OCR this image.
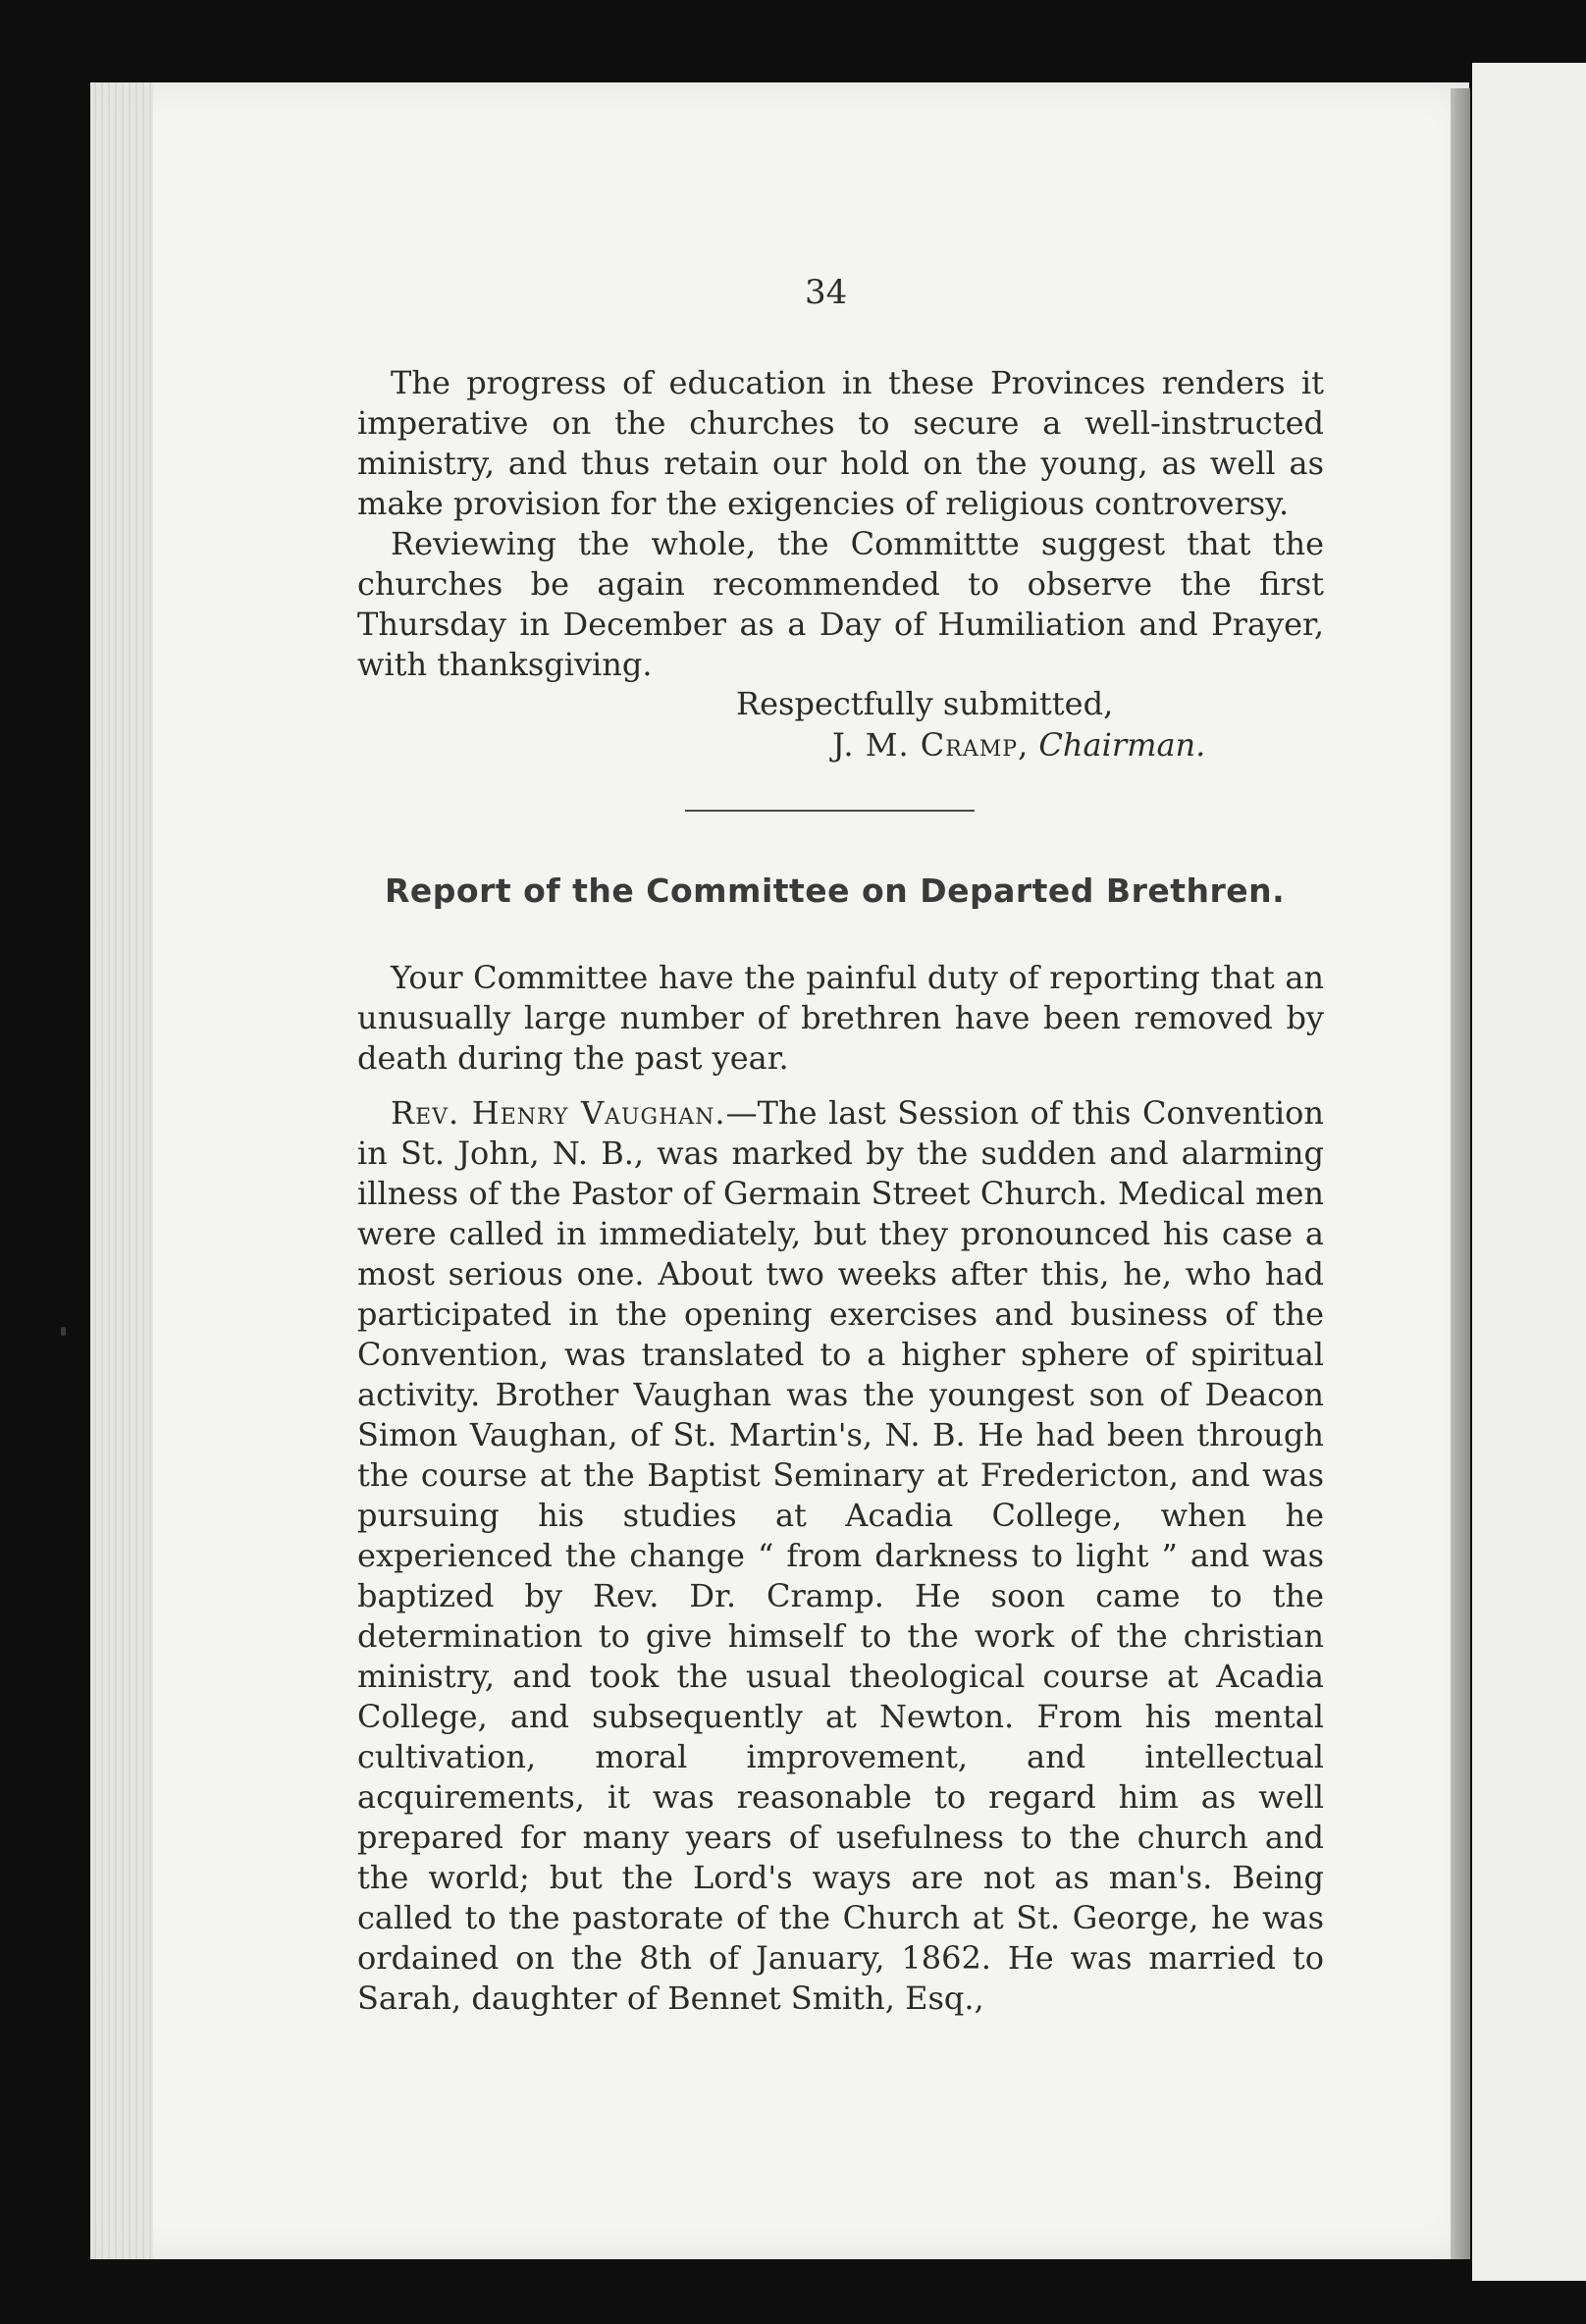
34

The progress of education in these Provinces renders it imperative on the churches to secure a well-instructed ministry, and thus retain our hold on the young, as well as make provision for the exigencies of religious controversy.

Reviewing the whole, the Committte suggest that the churches be again recommended to observe the first Thursday in December as a Day of Humiliation and Prayer, with thanksgiving.

Respectfully submitted,
J. M. Cramp, Chairman.
Report of the Committee on Departed Brethren.

Your Committee have the painful duty of reporting that an unusually large number of brethren have been removed by death during the past year.

Rev. Henry Vaughan.—The last Session of this Convention in St. John, N. B., was marked by the sudden and alarming illness of the Pastor of Germain Street Church. Medical men were called in immediately, but they pronounced his case a most serious one. About two weeks after this, he, who had participated in the opening exercises and business of the Convention, was translated to a higher sphere of spiritual activity. Brother Vaughan was the youngest son of Deacon Simon Vaughan, of St. Martin's, N. B. He had been through the course at the Baptist Seminary at Fredericton, and was pursuing his studies at Acadia College, when he experienced the change “ from darkness to light ” and was baptized by Rev. Dr. Cramp. He soon came to the determination to give himself to the work of the christian ministry, and took the usual theological course at Acadia College, and subsequently at Newton. From his mental cultivation, moral improvement, and intellectual acquirements, it was reasonable to regard him as well prepared for many years of usefulness to the church and the world; but the Lord's ways are not as man's. Being called to the pastorate of the Church at St. George, he was ordained on the 8th of January, 1862. He was married to Sarah, daughter of Bennet Smith, Esq.,
